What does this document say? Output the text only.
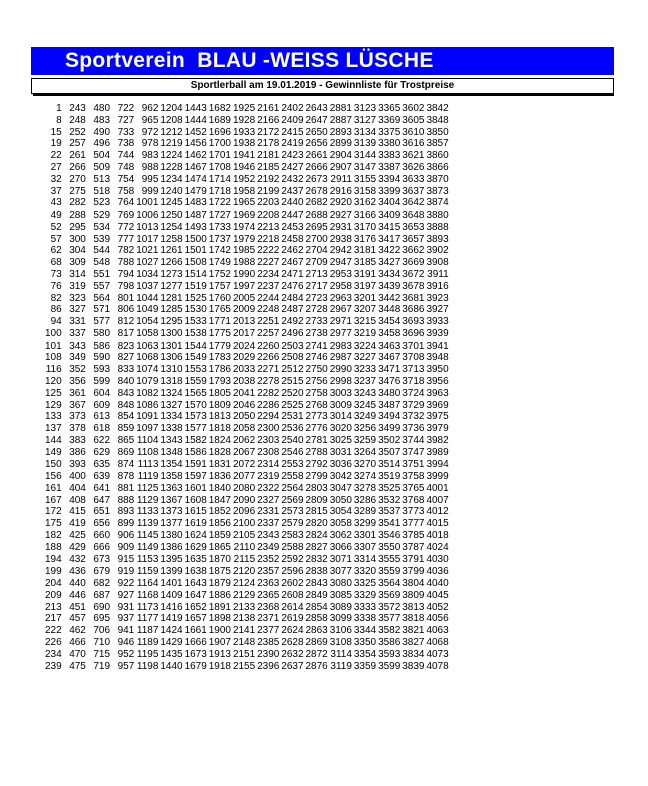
Sportverein  BLAU -WEISS LÜSCHE
Sportlerball am 19.01.2019 - Gewinnliste für Trostpreise
1	243	480	722	962	1204	1443	1682	1925	2161	2402	2643	2881	3123	3365	3602	3842
8	248	483	727	965	1208	1444	1689	1928	2166	2409	2647	2887	3127	3369	3605	3848
15	252	490	733	972	1212	1452	1696	1933	2172	2415	2650	2893	3134	3375	3610	3850
19	257	496	738	978	1219	1456	1700	1938	2178	2419	2656	2899	3139	3380	3616	3857
22	261	504	744	983	1224	1462	1701	1941	2181	2423	2661	2904	3144	3383	3621	3860
27	266	509	748	988	1228	1467	1708	1946	2185	2427	2666	2907	3147	3387	3626	3866
32	270	513	754	995	1234	1474	1714	1952	2192	2432	2673	2911	3155	3394	3633	3870
37	275	518	758	999	1240	1479	1718	1958	2199	2437	2678	2916	3158	3399	3637	3873
43	282	523	764	1001	1245	1483	1722	1965	2203	2440	2682	2920	3162	3404	3642	3874
49	288	529	769	1006	1250	1487	1727	1969	2208	2447	2688	2927	3166	3409	3648	3880
52	295	534	772	1013	1254	1493	1733	1974	2213	2453	2695	2931	3170	3415	3653	3888
57	300	539	777	1017	1258	1500	1737	1979	2218	2458	2700	2938	3176	3417	3657	3893
62	304	544	782	1021	1261	1501	1742	1985	2222	2462	2704	2942	3181	3422	3662	3902
68	309	548	788	1027	1266	1508	1749	1988	2227	2467	2709	2947	3185	3427	3669	3908
73	314	551	794	1034	1273	1514	1752	1990	2234	2471	2713	2953	3191	3434	3672	3911
76	319	557	798	1037	1277	1519	1757	1997	2237	2476	2717	2958	3197	3439	3678	3916
82	323	564	801	1044	1281	1525	1760	2005	2244	2484	2723	2963	3201	3442	3681	3923
86	327	571	806	1049	1285	1530	1765	2009	2248	2487	2728	2967	3207	3448	3686	3927
94	331	577	812	1054	1295	1533	1771	2013	2251	2492	2733	2971	3215	3454	3693	3933
100	337	580	817	1058	1300	1538	1775	2017	2257	2496	2738	2977	3219	3458	3696	3939
101	343	586	823	1063	1301	1544	1779	2024	2260	2503	2741	2983	3224	3463	3701	3941
108	349	590	827	1068	1306	1549	1783	2029	2266	2508	2746	2987	3227	3467	3708	3948
116	352	593	833	1074	1310	1553	1786	2033	2271	2512	2750	2990	3233	3471	3713	3950
120	356	599	840	1079	1318	1559	1793	2038	2278	2515	2756	2998	3237	3476	3718	3956
125	361	604	843	1082	1324	1565	1805	2041	2282	2520	2758	3003	3243	3480	3724	3963
129	367	609	848	1086	1327	1570	1809	2046	2286	2525	2768	3009	3245	3487	3729	3969
133	373	613	854	1091	1334	1573	1813	2050	2294	2531	2773	3014	3249	3494	3732	3975
137	378	618	859	1097	1338	1577	1818	2058	2300	2536	2776	3020	3256	3499	3736	3979
144	383	622	865	1104	1343	1582	1824	2062	2303	2540	2781	3025	3259	3502	3744	3982
149	386	629	869	1108	1348	1586	1828	2067	2308	2546	2788	3031	3264	3507	3747	3989
150	393	635	874	1113	1354	1591	1831	2072	2314	2553	2792	3036	3270	3514	3751	3994
156	400	639	878	1119	1358	1597	1836	2077	2319	2558	2799	3042	3274	3519	3758	3999
161	404	641	881	1125	1363	1601	1840	2080	2322	2564	2803	3047	3278	3525	3765	4001
167	408	647	888	1129	1367	1608	1847	2090	2327	2569	2809	3050	3286	3532	3768	4007
172	415	651	893	1133	1373	1615	1852	2096	2331	2573	2815	3054	3289	3537	3773	4012
175	419	656	899	1139	1377	1619	1856	2100	2337	2579	2820	3058	3299	3541	3777	4015
182	425	660	906	1145	1380	1624	1859	2105	2343	2583	2824	3062	3301	3546	3785	4018
188	429	666	909	1149	1386	1629	1865	2110	2349	2588	2827	3066	3307	3550	3787	4024
194	432	673	915	1153	1395	1635	1870	2115	2352	2592	2832	3071	3314	3555	3791	4030
199	436	679	919	1159	1399	1638	1875	2120	2357	2596	2838	3077	3320	3559	3799	4036
204	440	682	922	1164	1401	1643	1879	2124	2363	2602	2843	3080	3325	3564	3804	4040
209	446	687	927	1168	1409	1647	1886	2129	2365	2608	2849	3085	3329	3569	3809	4045
213	451	690	931	1173	1416	1652	1891	2133	2368	2614	2854	3089	3333	3572	3813	4052
217	457	695	937	1177	1419	1657	1898	2138	2371	2619	2858	3099	3338	3577	3818	4056
222	462	706	941	1187	1424	1661	1900	2141	2377	2624	2863	3106	3344	3582	3821	4063
226	466	710	946	1189	1429	1666	1907	2148	2385	2628	2869	3108	3350	3586	3827	4068
234	470	715	952	1195	1435	1673	1913	2151	2390	2632	2872	3114	3354	3593	3834	4073
239	475	719	957	1198	1440	1679	1918	2155	2396	2637	2876	3119	3359	3599	3839	4078
